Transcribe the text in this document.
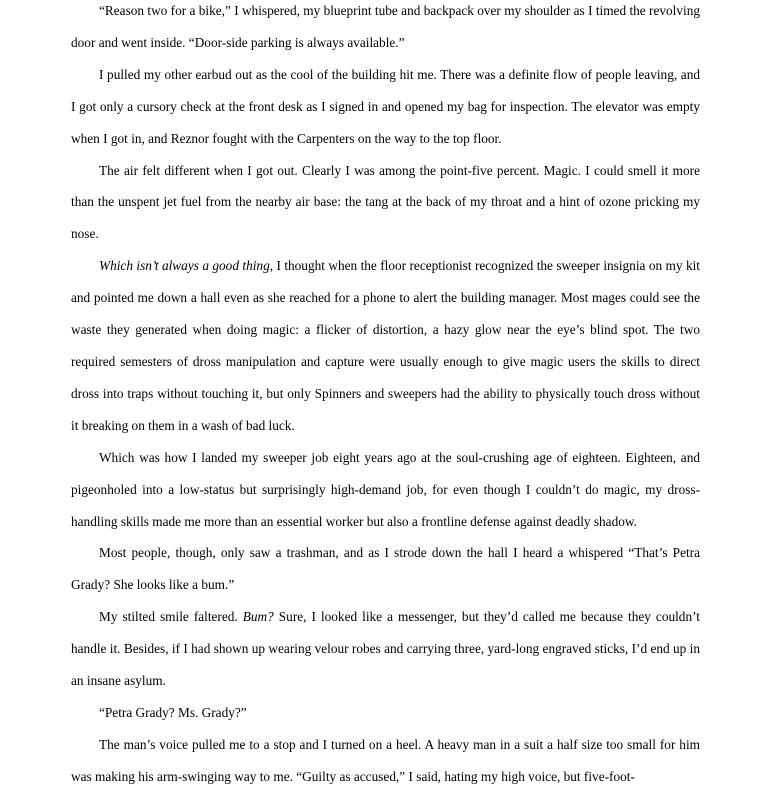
“Reason two for a bike,” I whispered, my blueprint tube and backpack over my shoulder as I timed the revolving door and went inside. “Door-side parking is always available.”

I pulled my other earbud out as the cool of the building hit me. There was a definite flow of people leaving, and I got only a cursory check at the front desk as I signed in and opened my bag for inspection. The elevator was empty when I got in, and Reznor fought with the Carpenters on the way to the top floor.

The air felt different when I got out. Clearly I was among the point-five percent. Magic. I could smell it more than the unspent jet fuel from the nearby air base: the tang at the back of my throat and a hint of ozone pricking my nose.

Which isn’t always a good thing, I thought when the floor receptionist recognized the sweeper insignia on my kit and pointed me down a hall even as she reached for a phone to alert the building manager. Most mages could see the waste they generated when doing magic: a flicker of distortion, a hazy glow near the eye’s blind spot. The two required semesters of dross manipulation and capture were usually enough to give magic users the skills to direct dross into traps without touching it, but only Spinners and sweepers had the ability to physically touch dross without it breaking on them in a wash of bad luck.

Which was how I landed my sweeper job eight years ago at the soul-crushing age of eighteen. Eighteen, and pigeonholed into a low-status but surprisingly high-demand job, for even though I couldn’t do magic, my dross-handling skills made me more than an essential worker but also a frontline defense against deadly shadow.

Most people, though, only saw a trashman, and as I strode down the hall I heard a whispered “That’s Petra Grady? She looks like a bum.”

My stilted smile faltered. Bum? Sure, I looked like a messenger, but they’d called me because they couldn’t handle it. Besides, if I had shown up wearing velour robes and carrying three, yard-long engraved sticks, I’d end up in an insane asylum.

“Petra Grady? Ms. Grady?”

The man’s voice pulled me to a stop and I turned on a heel. A heavy man in a suit a half size too small for him was making his arm-swinging way to me. “Guilty as accused,” I said, hating my high voice, but five-foot-
